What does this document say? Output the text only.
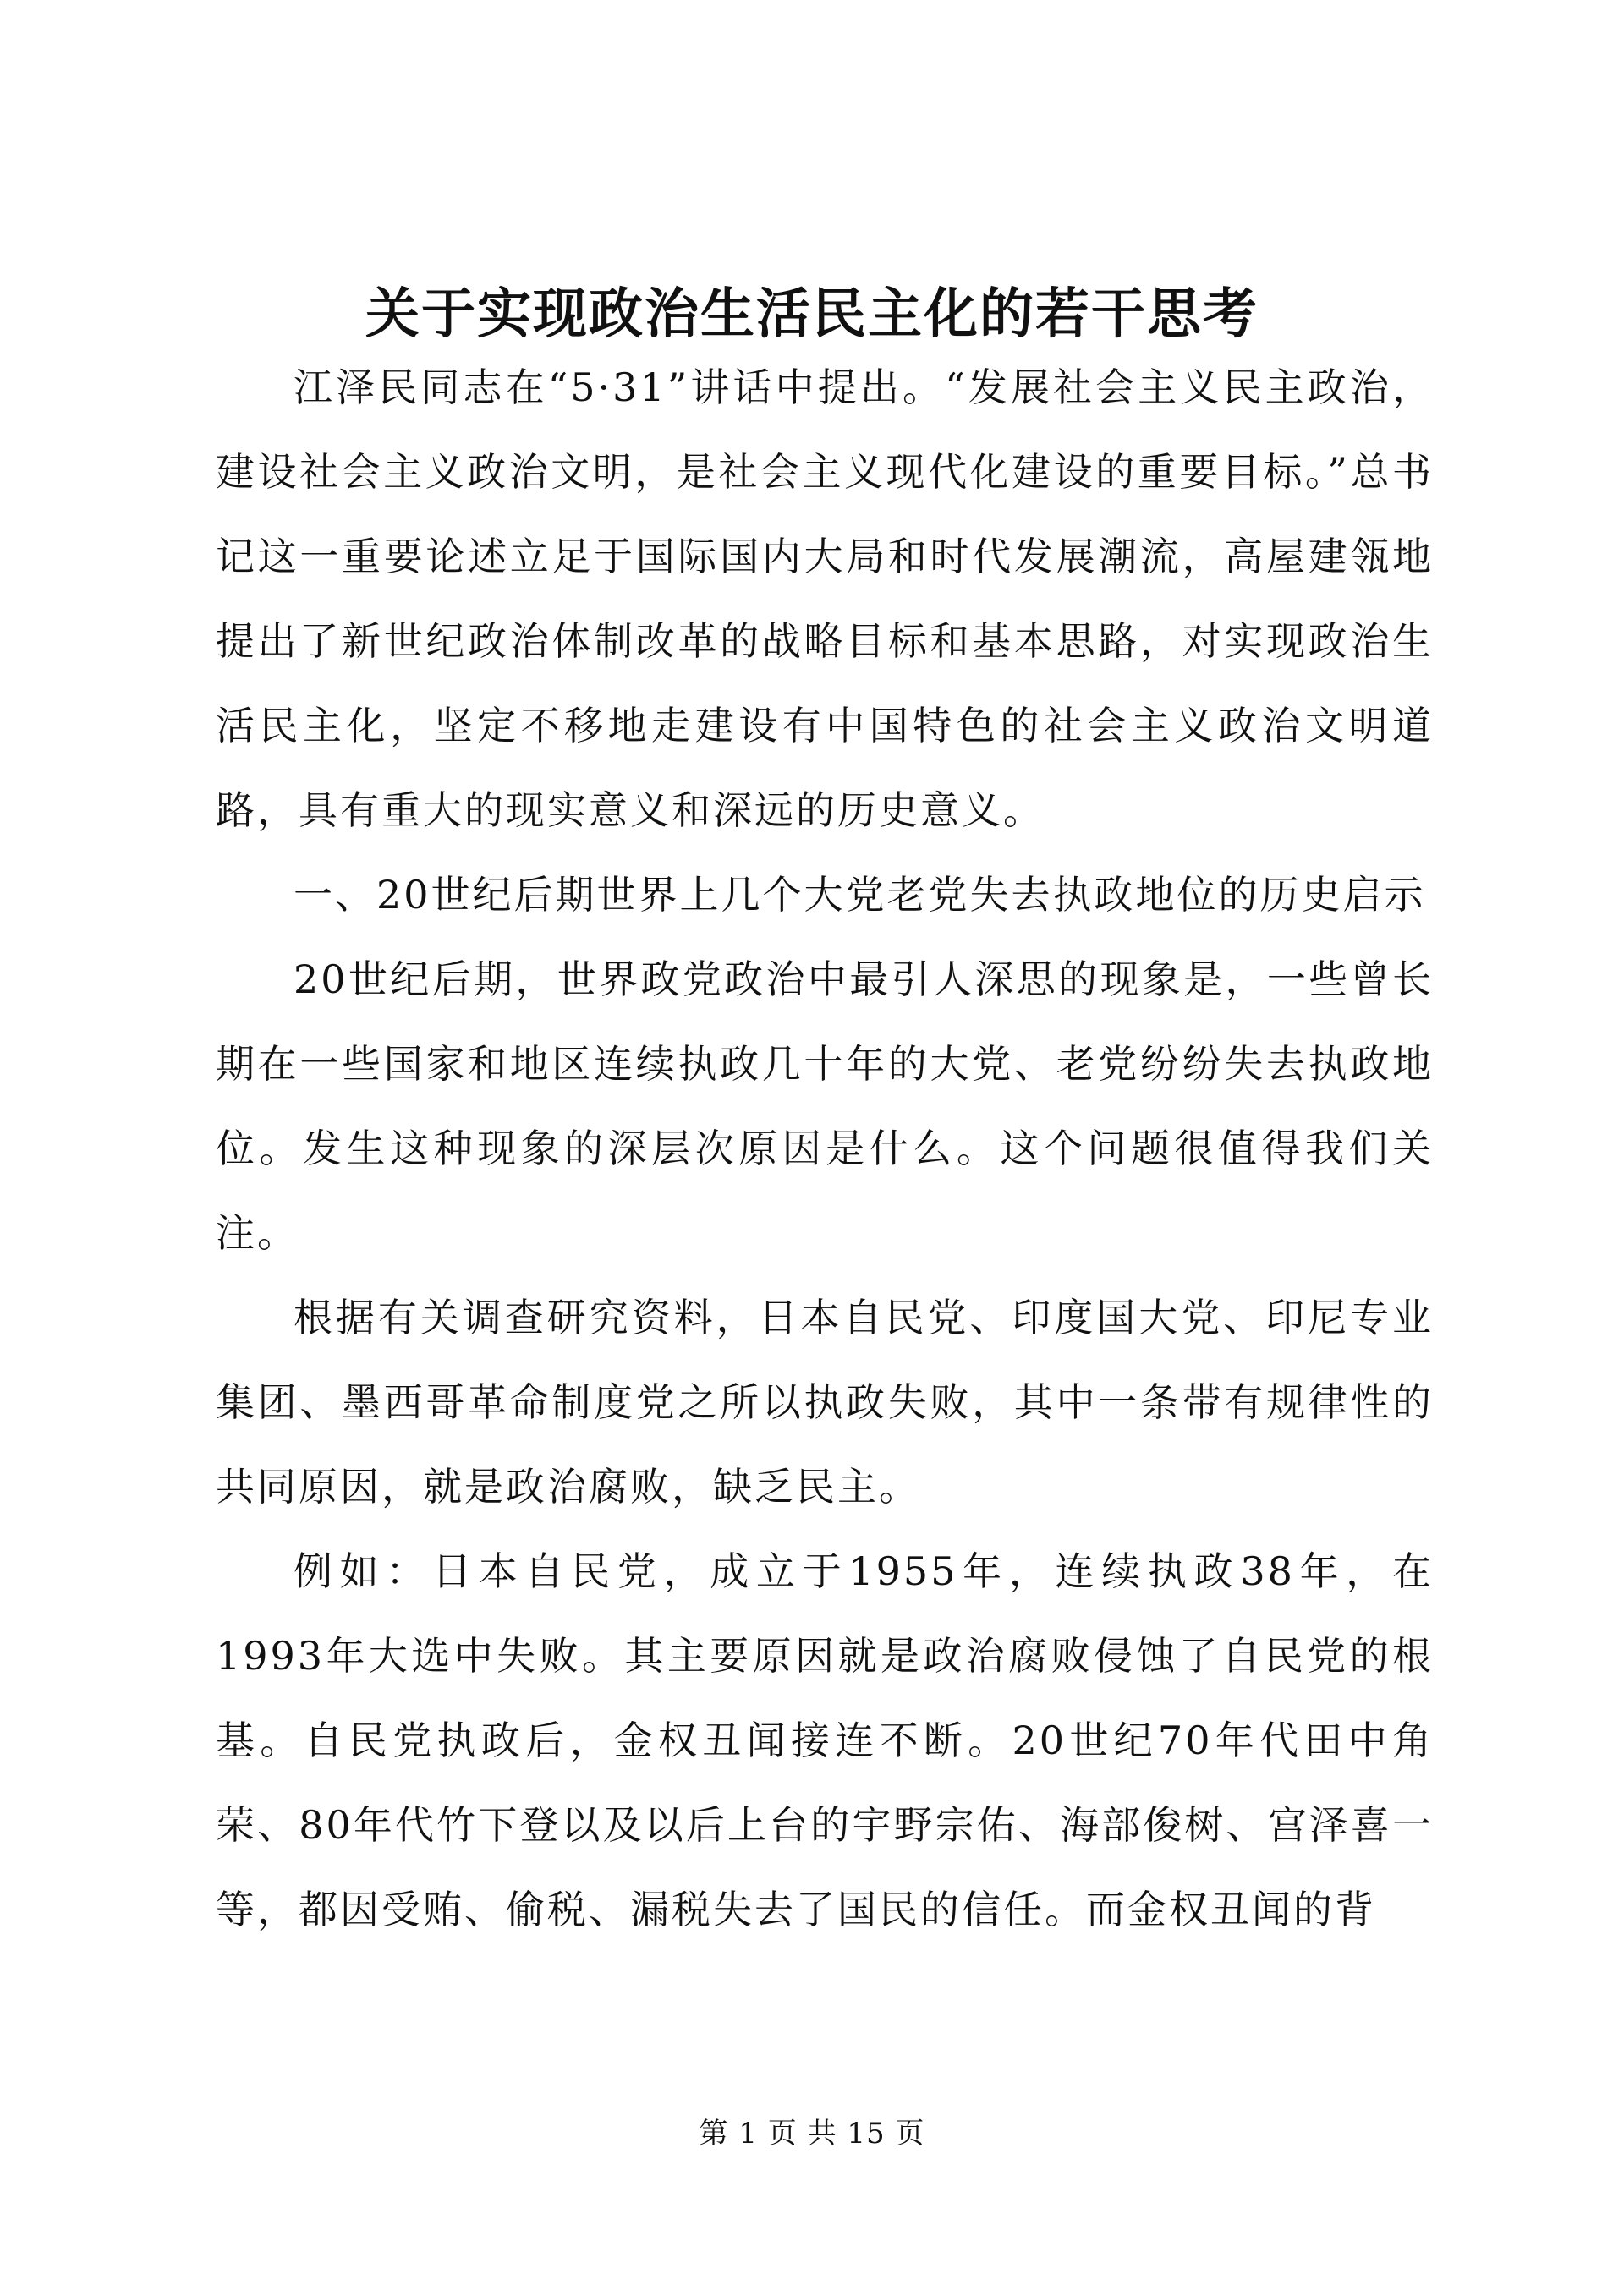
关于实现政治生活民主化的若干思考

江泽民同志在“5·31”讲话中提出。“发展社会主义民主政治，建设社会主义政治文明，是社会主义现代化建设的重要目标。”总书记这一重要论述立足于国际国内大局和时代发展潮流，高屋建瓴地提出了新世纪政治体制改革的战略目标和基本思路，对实现政治生活民主化，坚定不移地走建设有中国特色的社会主义政治文明道路，具有重大的现实意义和深远的历史意义。

一、20世纪后期世界上几个大党老党失去执政地位的历史启示

20世纪后期，世界政党政治中最引人深思的现象是，一些曾长期在一些国家和地区连续执政几十年的大党、老党纷纷失去执政地位。发生这种现象的深层次原因是什么。这个问题很值得我们关注。

根据有关调查研究资料，日本自民党、印度国大党、印尼专业集团、墨西哥革命制度党之所以执政失败，其中一条带有规律性的共同原因，就是政治腐败，缺乏民主。

例如：日本自民党，成立于1955年，连续执政38年，在1993年大选中失败。其主要原因就是政治腐败侵蚀了自民党的根基。自民党执政后，金权丑闻接连不断。20世纪70年代田中角荣、80年代竹下登以及以后上台的宇野宗佑、海部俊树、宫泽喜一等，都因受贿、偷税、漏税失去了国民的信任。而金权丑闻的背

第 1 页 共 15 页
